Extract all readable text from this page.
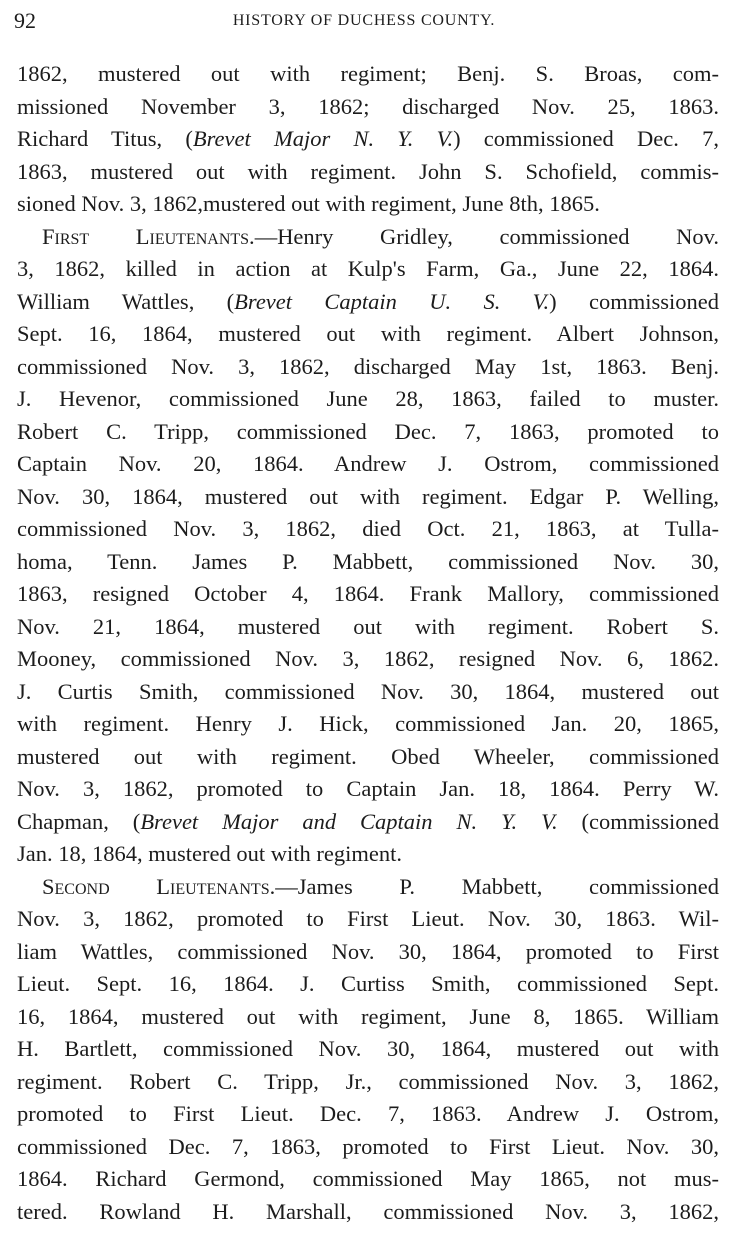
92	HISTORY OF DUCHESS COUNTY.
1862, mustered out with regiment; Benj. S. Broas, com-
missioned November 3, 1862; discharged Nov. 25, 1863.
Richard Titus, (Brevet Major N. Y. V.) commissioned Dec. 7,
1863, mustered out with regiment. John S. Schofield, commis-
sioned Nov. 3, 1862,mustered out with regiment, June 8th, 1865.
First Lieutenants.—Henry Gridley, commissioned Nov.
3, 1862, killed in action at Kulp's Farm, Ga., June 22, 1864.
William Wattles, (Brevet Captain U. S. V.) commissioned
Sept. 16, 1864, mustered out with regiment. Albert Johnson,
commissioned Nov. 3, 1862, discharged May 1st, 1863. Benj.
J. Hevenor, commissioned June 28, 1863, failed to muster.
Robert C. Tripp, commissioned Dec. 7, 1863, promoted to
Captain Nov. 20, 1864. Andrew J. Ostrom, commissioned
Nov. 30, 1864, mustered out with regiment. Edgar P. Welling,
commissioned Nov. 3, 1862, died Oct. 21, 1863, at Tulla-
homa, Tenn. James P. Mabbett, commissioned Nov. 30,
1863, resigned October 4, 1864. Frank Mallory, commissioned
Nov. 21, 1864, mustered out with regiment. Robert S.
Mooney, commissioned Nov. 3, 1862, resigned Nov. 6, 1862.
J. Curtis Smith, commissioned Nov. 30, 1864, mustered out
with regiment. Henry J. Hick, commissioned Jan. 20, 1865,
mustered out with regiment. Obed Wheeler, commissioned
Nov. 3, 1862, promoted to Captain Jan. 18, 1864. Perry W.
Chapman, (Brevet Major and Captain N. Y. V. (commissioned
Jan. 18, 1864, mustered out with regiment.
Second Lieutenants.—James P. Mabbett, commissioned
Nov. 3, 1862, promoted to First Lieut. Nov. 30, 1863. Wil-
liam Wattles, commissioned Nov. 30, 1864, promoted to First
Lieut. Sept. 16, 1864. J. Curtiss Smith, commissioned Sept.
16, 1864, mustered out with regiment, June 8, 1865. William
H. Bartlett, commissioned Nov. 30, 1864, mustered out with
regiment. Robert C. Tripp, Jr., commissioned Nov. 3, 1862,
promoted to First Lieut. Dec. 7, 1863. Andrew J. Ostrom,
commissioned Dec. 7, 1863, promoted to First Lieut. Nov. 30,
1864. Richard Germond, commissioned May 1865, not mus-
tered. Rowland H. Marshall, commissioned Nov. 3, 1862,
